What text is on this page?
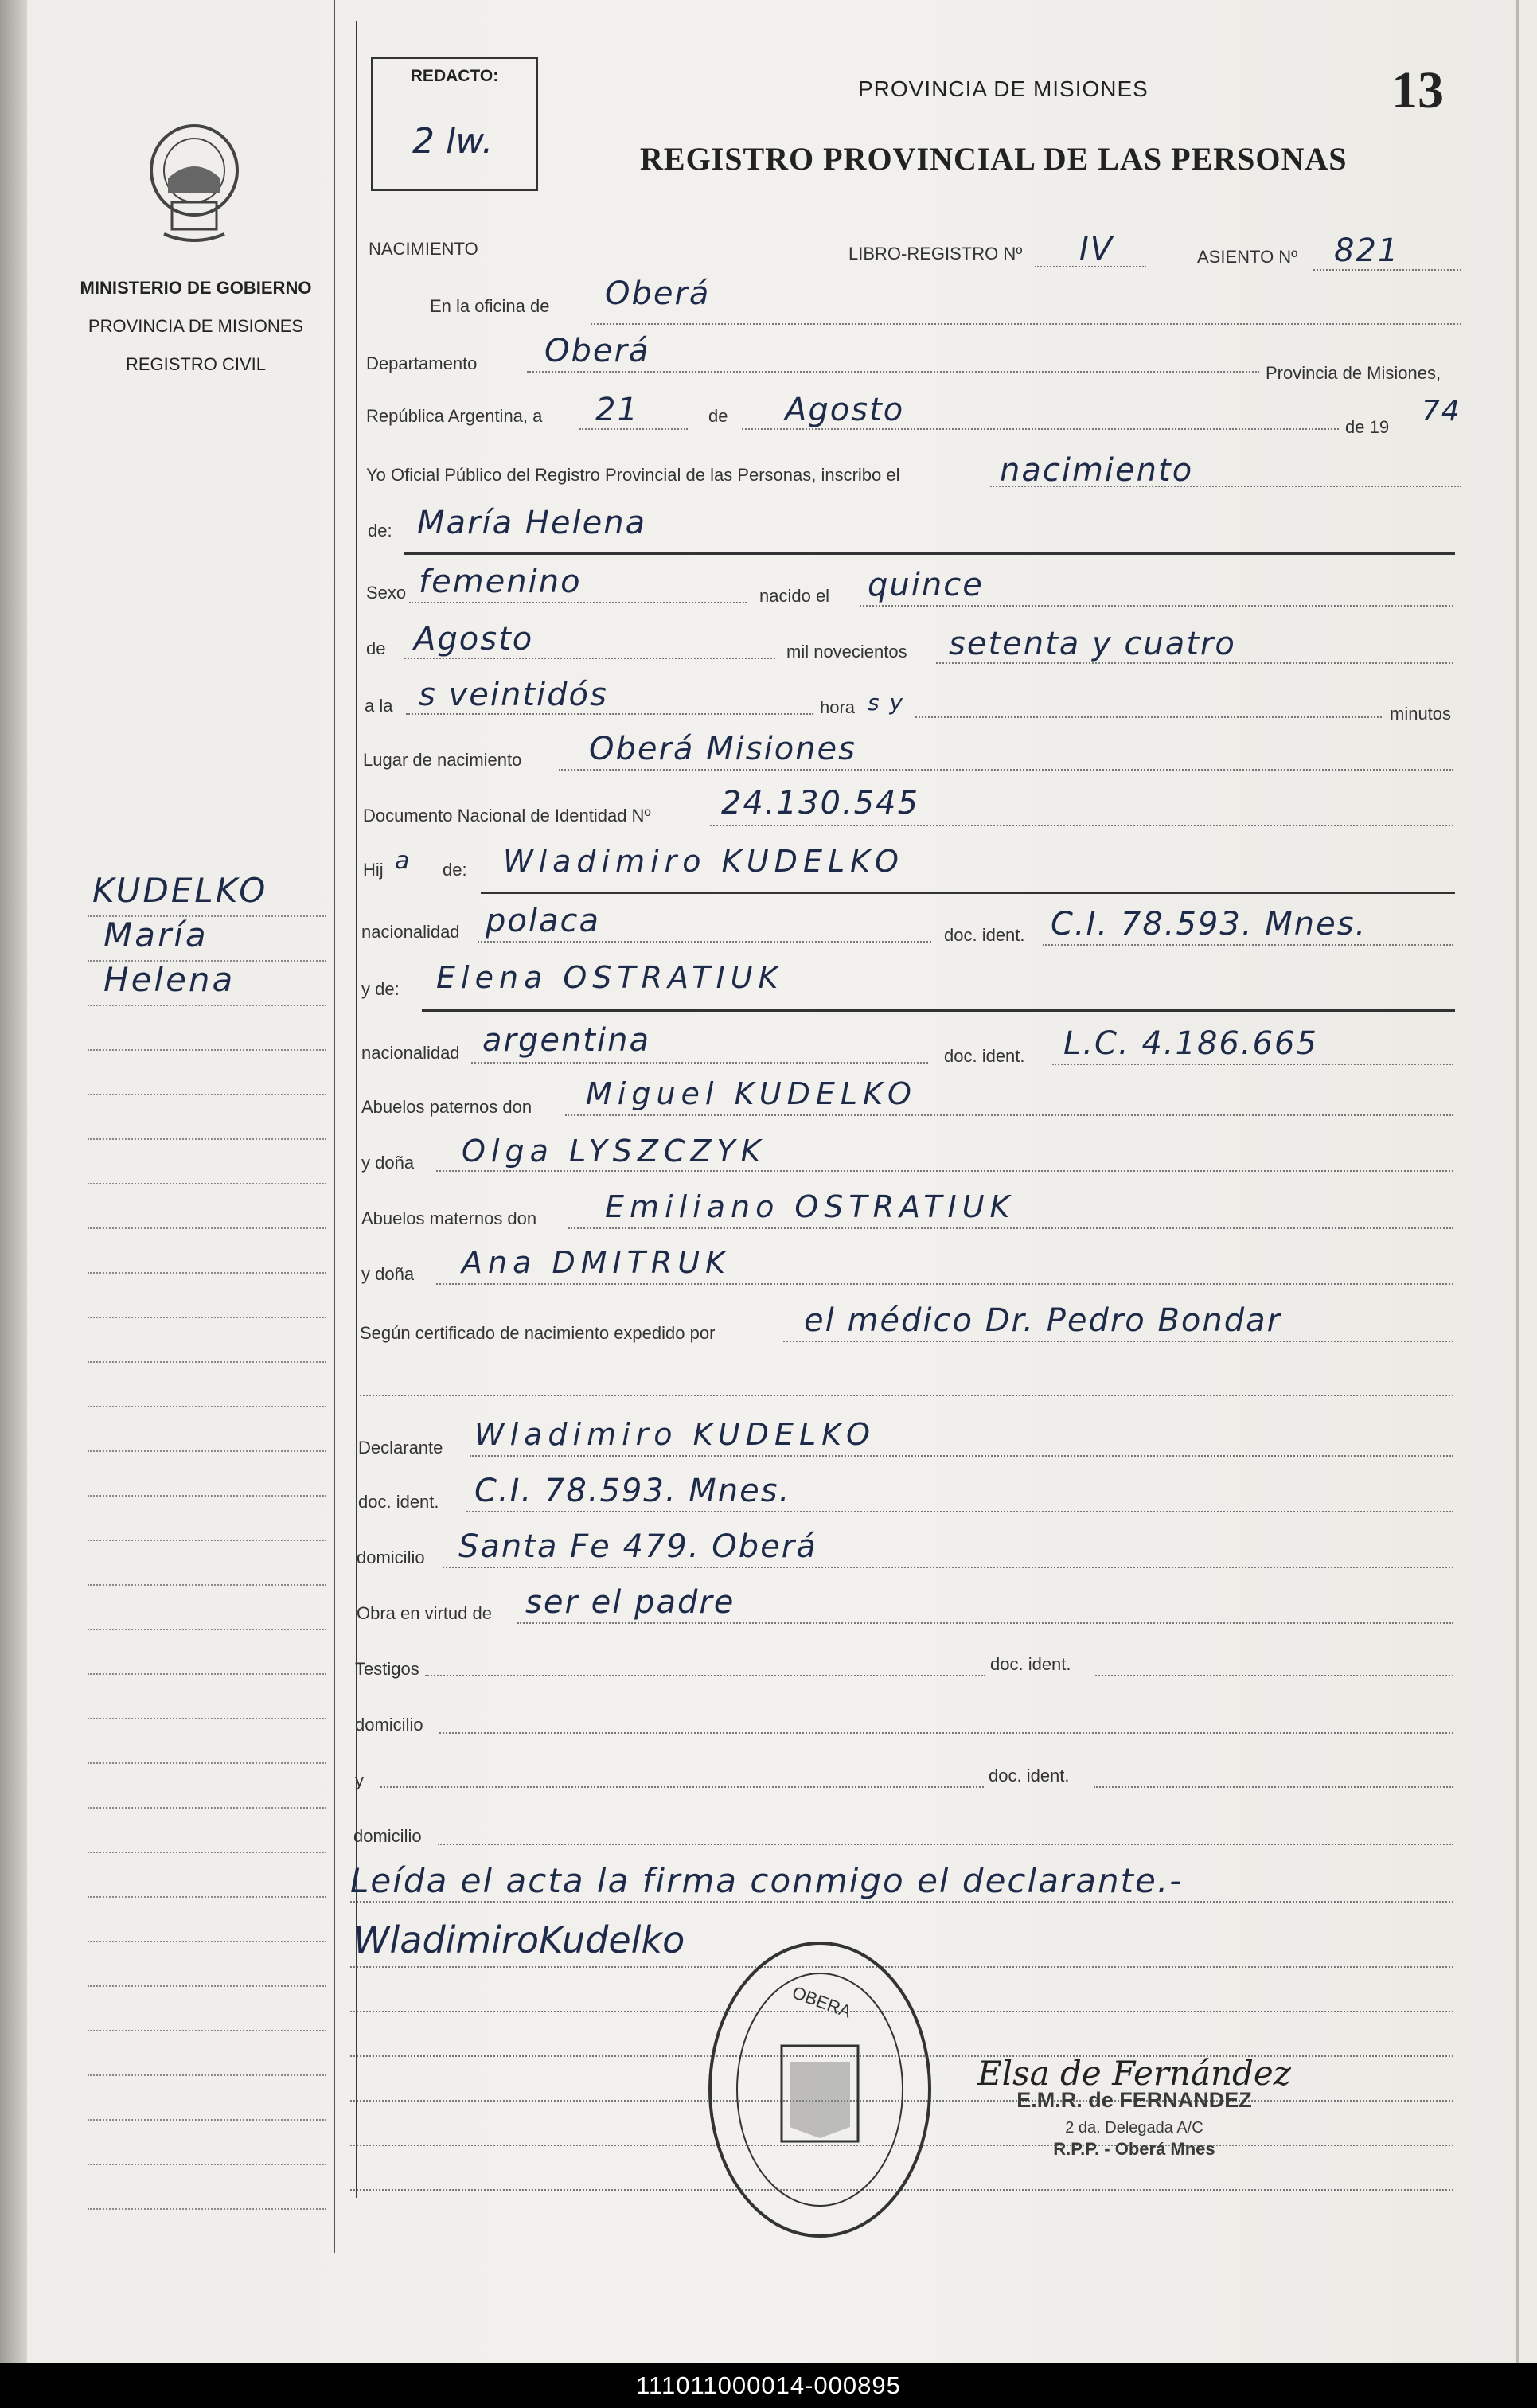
REDACTO:
2 lw.
PROVINCIA DE MISIONES
REGISTRO PROVINCIAL DE LAS PERSONAS
13
MINISTERIO DE GOBIERNO
PROVINCIA DE MISIONES
REGISTRO CIVIL
KUDELKO
María
Helena
NACIMIENTO	LIBRO-REGISTRO Nº IV	ASIENTO Nº 821
En la oficina de Oberá
Departamento Oberá
Provincia de Misiones,
República Argentina, a 21	de Agosto	de 19 74
Yo Oficial Público del Registro Provincial de las Personas, inscribo el	nacimiento
de: María Helena
Sexo femenino	nacido el quince
de Agosto	mil novecientos setenta y cuatro
a la s veintidós	hora s y	minutos
Lugar de nacimiento Oberá Misiones
Documento Nacional de Identidad Nº 24.130.545
Hij a de: Wladimiro KUDELKO
nacionalidad polaca	doc. ident. C.I. 78.593. Mnes.
y de: Elena OSTRATIUK
nacionalidad argentina	doc. ident. L.C. 4.186.665
Abuelos paternos don Miguel KUDELKO
y doña Olga LYSZCZYK
Abuelos maternos don Emiliano OSTRATIUK
y doña Ana DMITRUK
Según certificado de nacimiento expedido por	el médico Dr. Pedro Bondar
Declarante Wladimiro KUDELKO
doc. ident. C.I. 78.593. Mnes.
domicilio Santa Fe 479. Oberá
Obra en virtud de ser el padre
Testigos	doc. ident.
domicilio
y	doc. ident.
domicilio
Leída el acta la firma conmigo el declarante.-
WladimiroKudelko
OBERA
Elsa de Fernández
E.M.R. de FERNANDEZ
2 da. Delegada A/C
R.P.P. - Oberá Mnes
111011000014-000895
